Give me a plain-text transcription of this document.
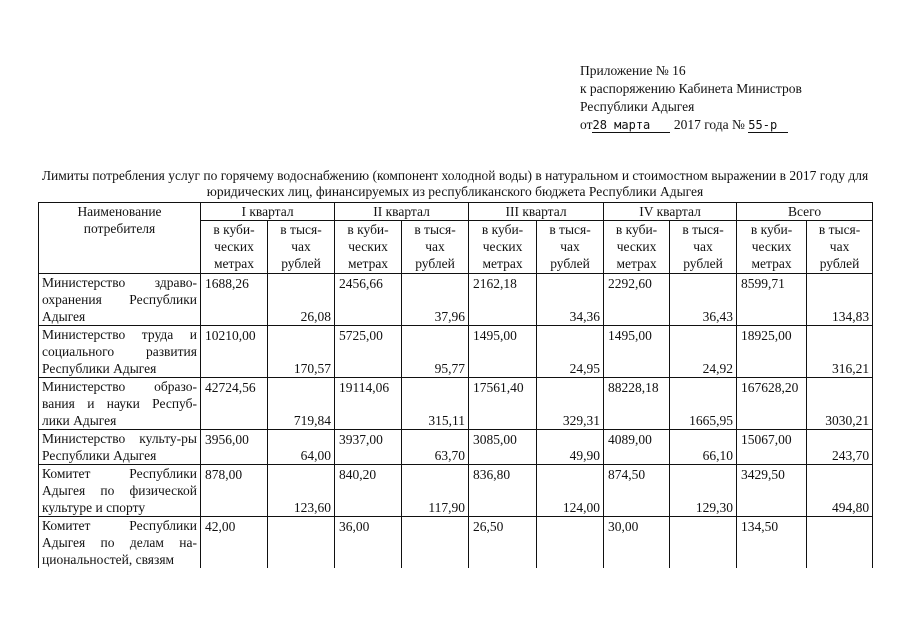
Приложение № 16
к распоряжению Кабинета Министров
Республики Адыгея
от28 марта 2017 года № 55-р
Лимиты потребления услуг по горячему водоснабжению (компонент холодной воды) в натуральном и стоимостном выражении в 2017 году для юридических лиц, финансируемых из республиканского бюджета Республики Адыгея
Наименование потребителя	I квартал		II квартал		III квартал		IV квартал		Всего	
	в куби-ческих метрах	в тыся-чах рублей	в куби-ческих метрах	в тыся-чах рублей	в куби-ческих метрах	в тыся-чах рублей	в куби-ческих метрах	в тыся-чах рублей	в куби-ческих метрах	в тыся-чах рублей
Министерство здраво-охранения Республики Адыгея	1688,26	26,08	2456,66	37,96	2162,18	34,36	2292,60	36,43	8599,71	134,83

Министерство труда и социального развития Республики Адыгея	10210,00	170,57	5725,00	95,77	1495,00	24,95	1495,00	24,92	18925,00	316,21

Министерство образо-вания и науки Респуб-лики Адыгея	42724,56	719,84	19114,06	315,11	17561,40	329,31	88228,18	1665,95	167628,20	3030,21

Министерство культу-ры Республики Адыгея	3956,00	64,00	3937,00	63,70	3085,00	49,90	4089,00	66,10	15067,00	243,70

Комитет Республики Адыгея по физической культуре и спорту	878,00	123,60	840,20	117,90	836,80	124,00	874,50	129,30	3429,50	494,80

Комитет Республики Адыгея по делам на-циональностей, связям	42,00		36,00		26,50		30,00		134,50	
